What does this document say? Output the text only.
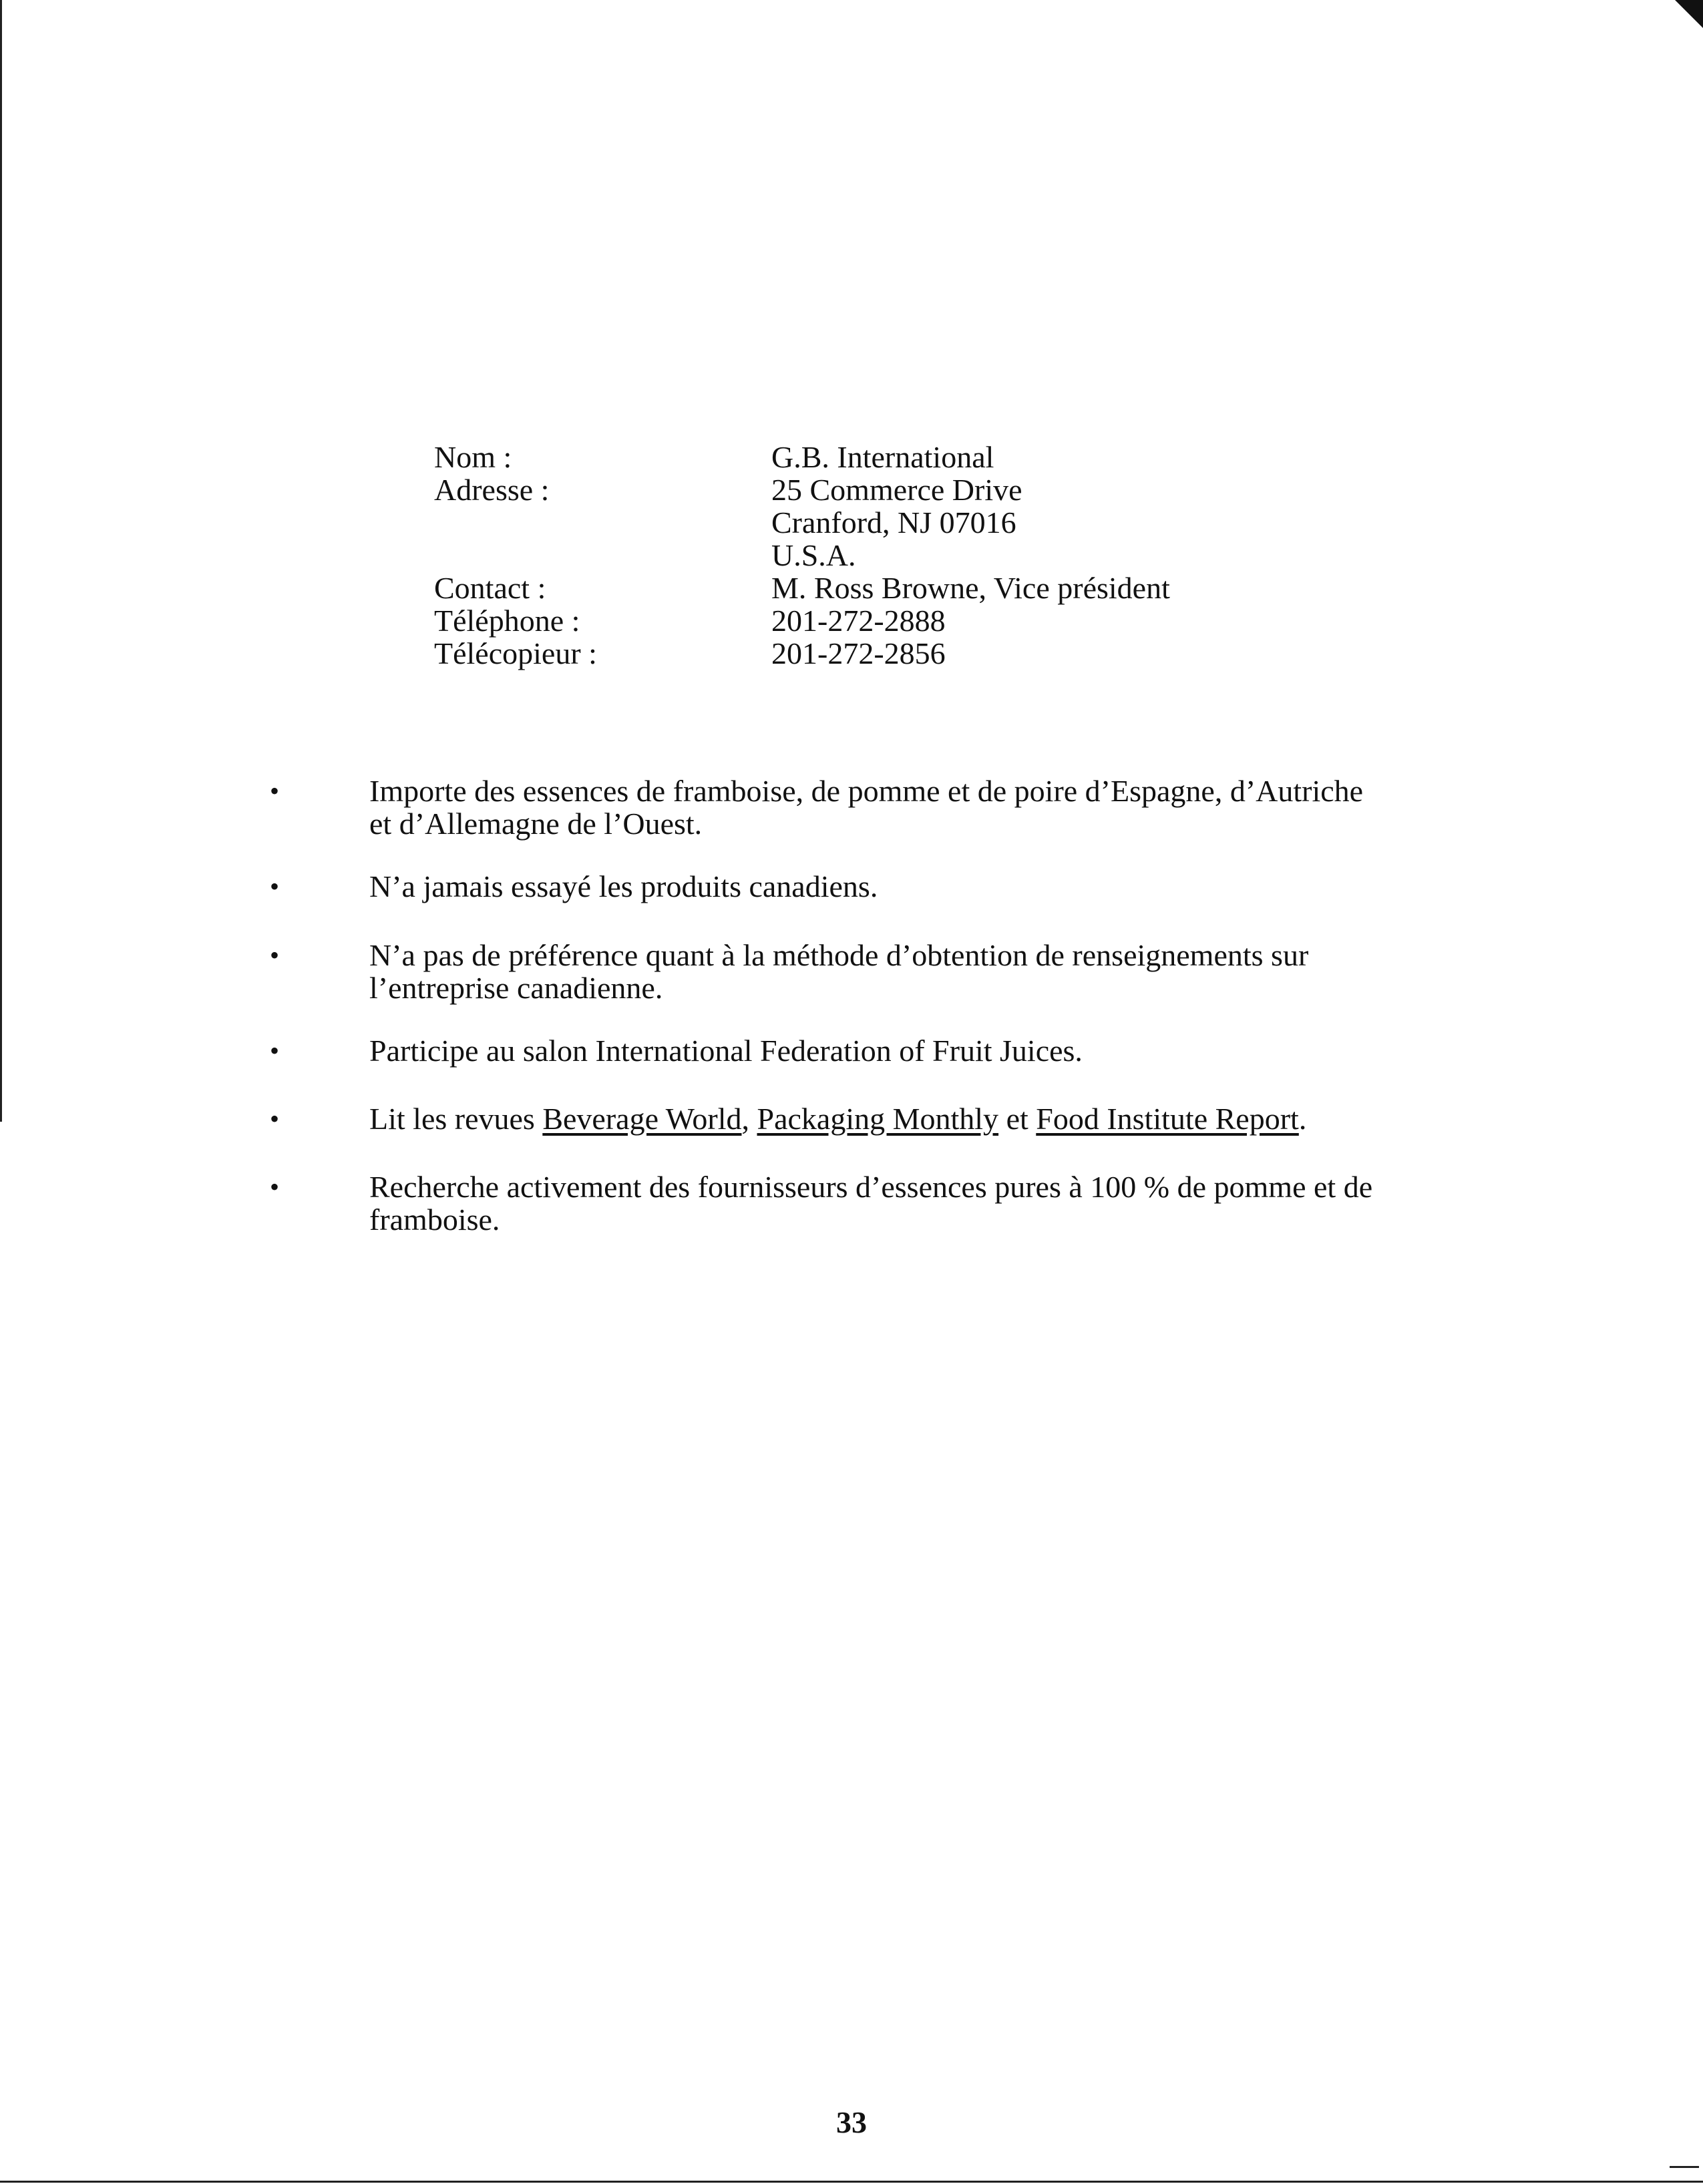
Nom :	G.B. International
Adresse :	25 Commerce Drive
Cranford, NJ 07016
U.S.A.
Contact :	M. Ross Browne, Vice président
Téléphone :	201-272-2888
Télécopieur :	201-272-2856
•	Importe des essences de framboise, de pomme et de poire d’Espagne, d’Autriche
et d’Allemagne de l’Ouest.
•	N’a jamais essayé les produits canadiens.
•	N’a pas de préférence quant à la méthode d’obtention de renseignements sur
l’entreprise canadienne.
•	Participe au salon International Federation of Fruit Juices.
•	Lit les revues Beverage World, Packaging Monthly et Food Institute Report.
•	Recherche activement des fournisseurs d’essences pures à 100 % de pomme et de
framboise.
33
